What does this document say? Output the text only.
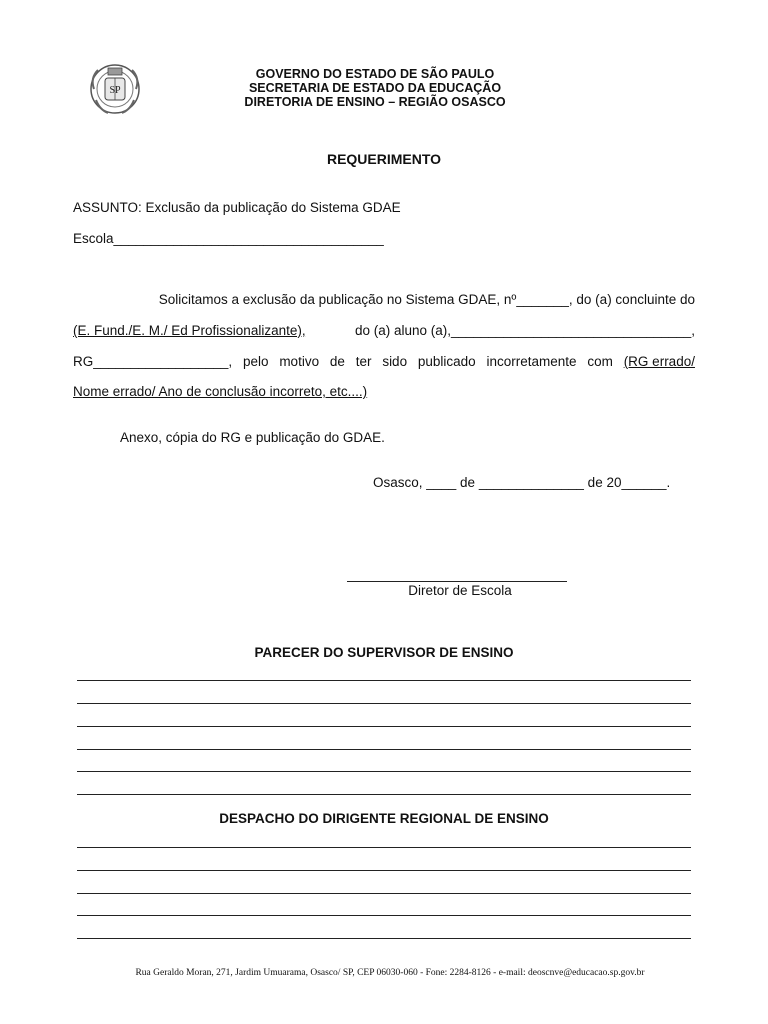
SP
GOVERNO DO ESTADO DE SÃO PAULO
SECRETARIA DE ESTADO DA EDUCAÇÃO
DIRETORIA DE ENSINO – REGIÃO OSASCO
REQUERIMENTO
ASSUNTO: Exclusão da publicação do Sistema GDAE
Escola____________________________________
Solicitamos a exclusão da publicação no Sistema GDAE, nº_______, do (a) concluinte do
(E. Fund./E. M./ Ed Profissionalizante),	do (a) aluno (a),________________________________,
RG__________________, pelo motivo de ter sido publicado incorretamente com (RG errado/
Nome errado/ Ano de conclusão incorreto, etc....)
Anexo, cópia do RG e publicação do GDAE.
Osasco, ____ de ______________ de 20______.
Diretor de Escola
PARECER DO SUPERVISOR DE ENSINO
DESPACHO DO DIRIGENTE REGIONAL DE ENSINO
Rua Geraldo Moran, 271, Jardim Umuarama, Osasco/ SP, CEP 06030-060 - Fone: 2284-8126 - e-mail: deoscnve@educacao.sp.gov.br
